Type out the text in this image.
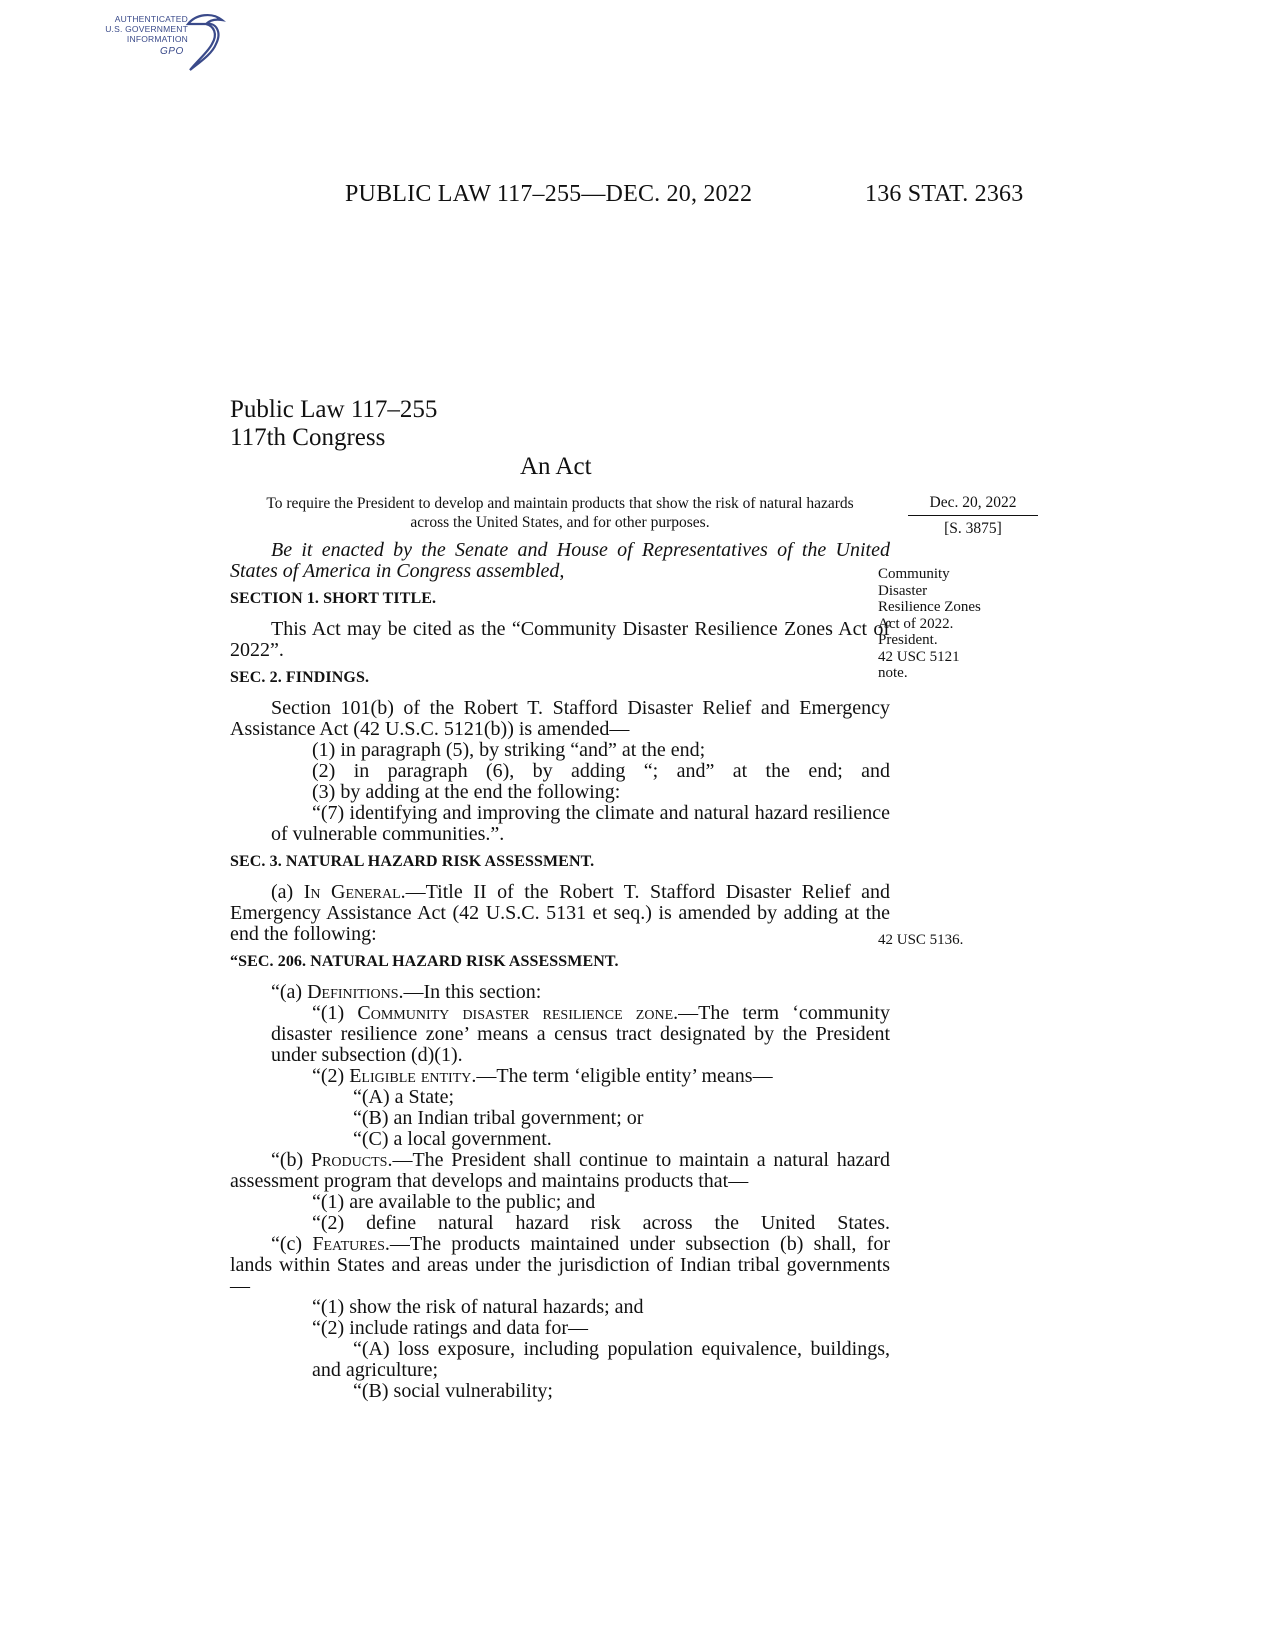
AUTHENTICATED
U.S. GOVERNMENT
INFORMATION
GPO
PUBLIC LAW 117–255—DEC. 20, 2022	136 STAT. 2363
Public Law 117–255
117th Congress
An Act
To require the President to develop and maintain products that show the risk of natural hazards across the United States, and for other purposes.
Dec. 20, 2022
[S. 3875]
Community
Disaster
Resilience Zones
Act of 2022.
President.
42 USC 5121
note.
42 USC 5136.

Be it enacted by the Senate and House of Representatives of the United States of America in Congress assembled,

SECTION 1. SHORT TITLE.

This Act may be cited as the “Community Disaster Resilience Zones Act of 2022”.

SEC. 2. FINDINGS.

Section 101(b) of the Robert T. Stafford Disaster Relief and Emergency Assistance Act (42 U.S.C. 5121(b)) is amended—

(1) in paragraph (5), by striking “and” at the end;

(2) in paragraph (6), by adding “; and” at the end; and

(3) by adding at the end the following:

“(7) identifying and improving the climate and natural hazard resilience of vulnerable communities.”.

SEC. 3. NATURAL HAZARD RISK ASSESSMENT.

(a) In General.—Title II of the Robert T. Stafford Disaster Relief and Emergency Assistance Act (42 U.S.C. 5131 et seq.) is amended by adding at the end the following:

“SEC. 206. NATURAL HAZARD RISK ASSESSMENT.

“(a) Definitions.—In this section:

“(1) Community disaster resilience zone.—The term ‘community disaster resilience zone’ means a census tract designated by the President under subsection (d)(1).

“(2) Eligible entity.—The term ‘eligible entity’ means—

“(A) a State;

“(B) an Indian tribal government; or

“(C) a local government.

“(b) Products.—The President shall continue to maintain a natural hazard assessment program that develops and maintains products that—

“(1) are available to the public; and

“(2) define natural hazard risk across the United States.

“(c) Features.—The products maintained under subsection (b) shall, for lands within States and areas under the jurisdiction of Indian tribal governments—

“(1) show the risk of natural hazards; and

“(2) include ratings and data for—

“(A) loss exposure, including population equivalence, buildings, and agriculture;

“(B) social vulnerability;
